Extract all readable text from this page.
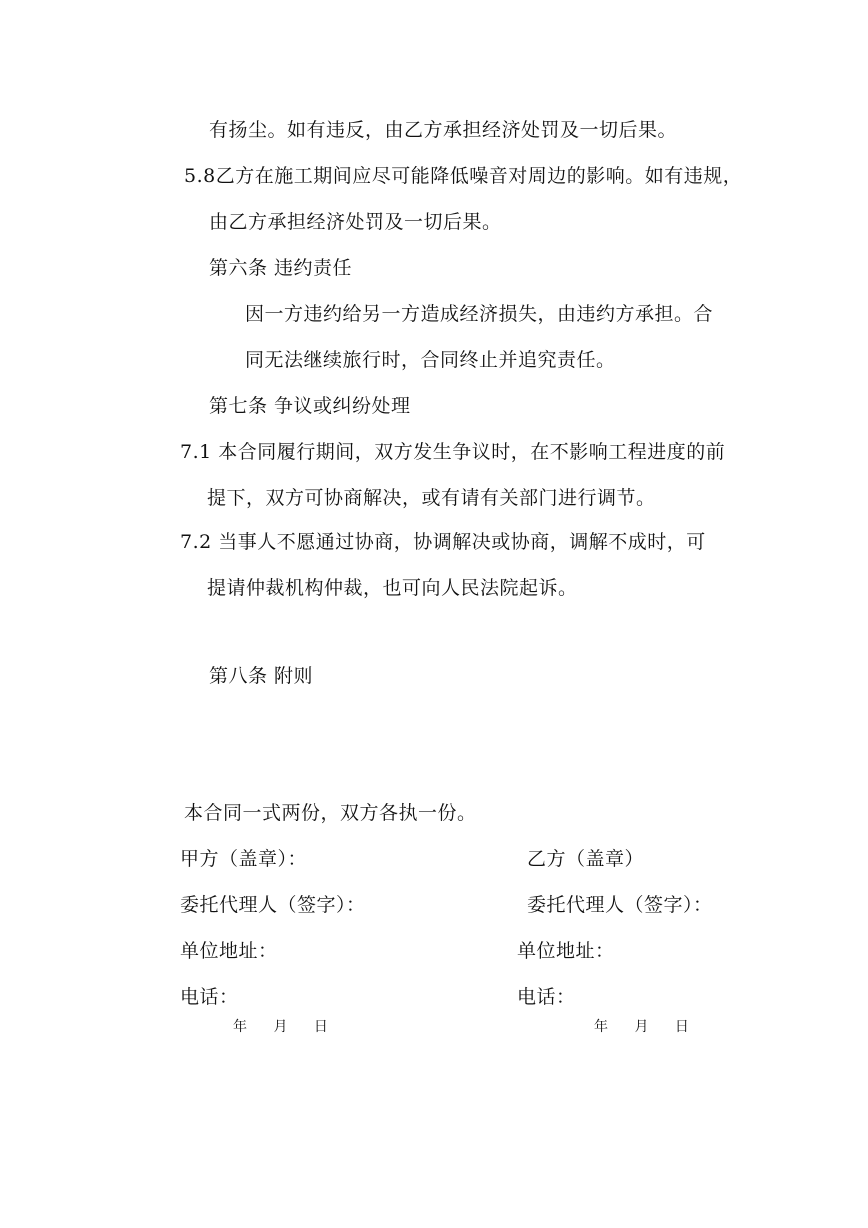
有扬尘。如有违反，由乙方承担经济处罚及一切后果。
5.8乙方在施工期间应尽可能降低噪音对周边的影响。如有违规，
由乙方承担经济处罚及一切后果。
第六条 违约责任
因一方违约给另一方造成经济损失，由违约方承担。合
同无法继续旅行时，合同终止并追究责任。
第七条 争议或纠纷处理
7.1 本合同履行期间，双方发生争议时，在不影响工程进度的前
提下，双方可协商解决，或有请有关部门进行调节。
7.2 当事人不愿通过协商，协调解决或协商，调解不成时，可
提请仲裁机构仲裁，也可向人民法院起诉。
第八条 附则
本合同一式两份，双方各执一份。
甲方（盖章）：
委托代理人（签字）：
单位地址：
电话：
年 月 日
乙方（盖章）
委托代理人（签字）：
单位地址：
电话：
年 月 日
